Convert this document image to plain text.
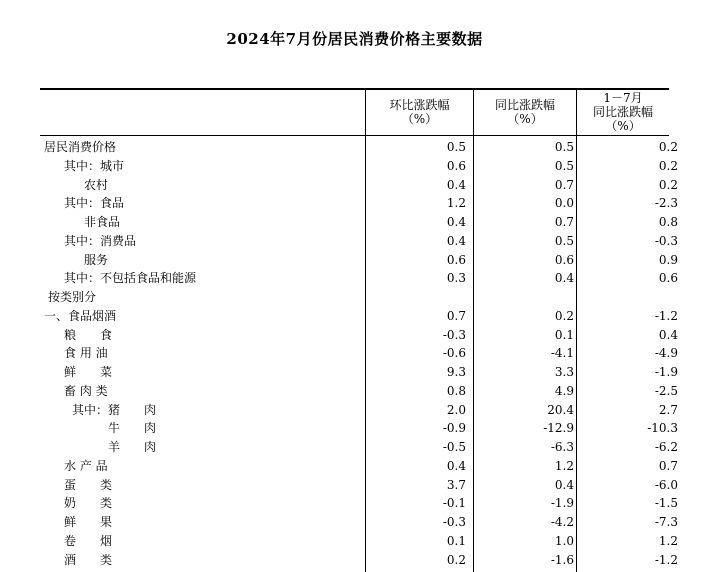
2024年7月份居民消费价格主要数据
环比涨跌幅
（%）
同比涨跌幅
（%）
1－7月
同比涨跌幅
（%）
居民消费价格	0.5	0.5	0.2
其中：城市	0.6	0.5	0.2
农村	0.4	0.7	0.2
其中：食品	1.2	0.0	-2.3
非食品	0.4	0.7	0.8
其中：消费品	0.4	0.5	-0.3
服务	0.6	0.6	0.9
其中：不包括食品和能源	0.3	0.4	0.6
按类别分
一、食品烟酒	0.7	0.2	-1.2
粮　　食	-0.3	0.1	0.4
食 用 油	-0.6	-4.1	-4.9
鲜　　菜	9.3	3.3	-1.9
畜 肉 类	0.8	4.9	-2.5
其中：猪　　肉	2.0	20.4	2.7
牛　　肉	-0.9	-12.9	-10.3
羊　　肉	-0.5	-6.3	-6.2
水 产 品	0.4	1.2	0.7
蛋　　类	3.7	0.4	-6.0
奶　　类	-0.1	-1.9	-1.5
鲜　　果	-0.3	-4.2	-7.3
卷　　烟	0.1	1.0	1.2
酒　　类	0.2	-1.6	-1.2
